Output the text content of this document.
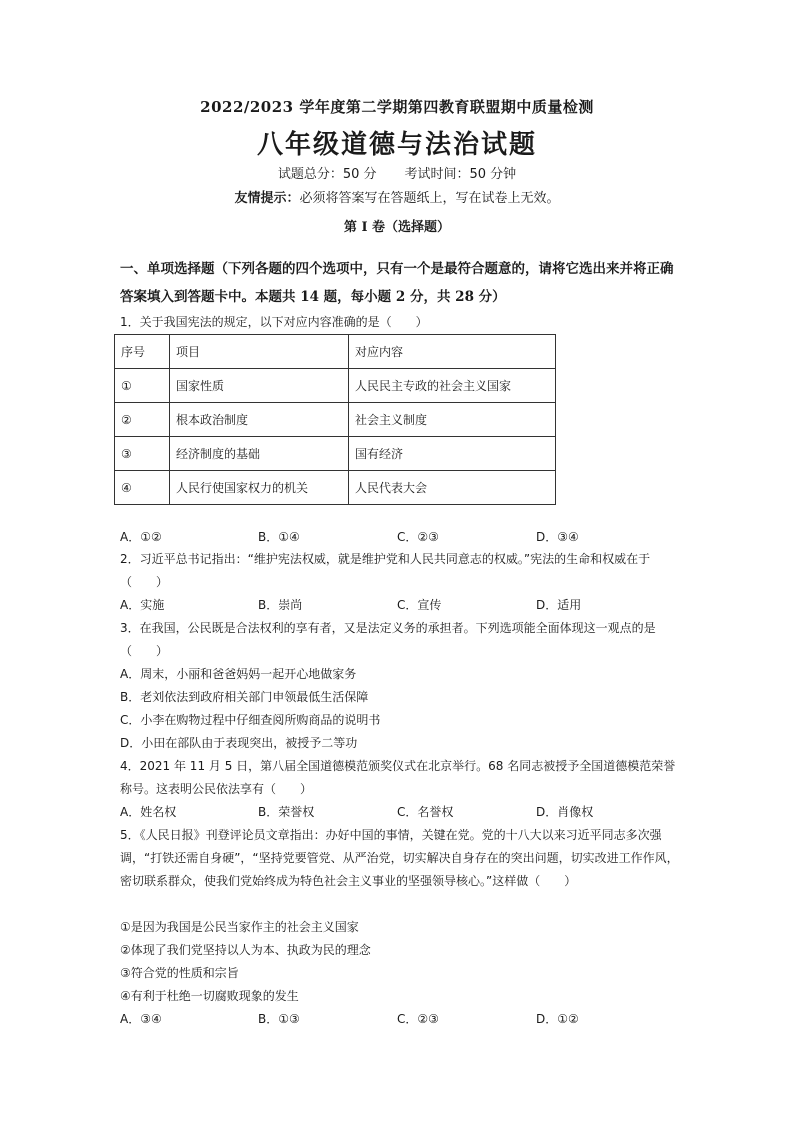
2022/2023 学年度第二学期第四教育联盟期中质量检测
八年级道德与法治试题
试题总分：50 分 考试时间：50 分钟
友情提示：必须将答案写在答题纸上，写在试卷上无效。
第 I 卷（选择题）
一、单项选择题（下列各题的四个选项中，只有一个是最符合题意的，请将它选出来并将正确答案填入到答题卡中。本题共 14 题，每小题 2 分，共 28 分）
1．关于我国宪法的规定，以下对应内容准确的是（　　）
序号	项目	对应内容
①	国家性质	人民民主专政的社会主义国家
②	根本政治制度	社会主义制度
③	经济制度的基础	国有经济
④	人民行使国家权力的机关	人民代表大会
A．①②	B．①④	C．②③	D．③④
2．习近平总书记指出：“维护宪法权威，就是维护党和人民共同意志的权威。”宪法的生命和权威在于（　　）
A．实施	B．崇尚	C．宣传	D．适用
3．在我国，公民既是合法权利的享有者，又是法定义务的承担者。下列选项能全面体现这一观点的是（　　）
A．周末，小丽和爸爸妈妈一起开心地做家务
B．老刘依法到政府相关部门申领最低生活保障
C．小李在购物过程中仔细查阅所购商品的说明书
D．小田在部队由于表现突出，被授予二等功
4．2021 年 11 月 5 日，第八届全国道德模范颁奖仪式在北京举行。68 名同志被授予全国道德模范荣誉称号。这表明公民依法享有（　　）
A．姓名权	B．荣誉权	C．名誉权	D．肖像权
5．《人民日报》刊登评论员文章指出：办好中国的事情，关键在党。党的十八大以来习近平同志多次强调，“打铁还需自身硬”，“坚持党要管党、从严治党，切实解决自身存在的突出问题，切实改进工作作风，密切联系群众，使我们党始终成为特色社会主义事业的坚强领导核心。”这样做（　　）
①是因为我国是公民当家作主的社会主义国家
②体现了我们党坚持以人为本、执政为民的理念
③符合党的性质和宗旨
④有利于杜绝一切腐败现象的发生
A．③④	B．①③	C．②③	D．①②
